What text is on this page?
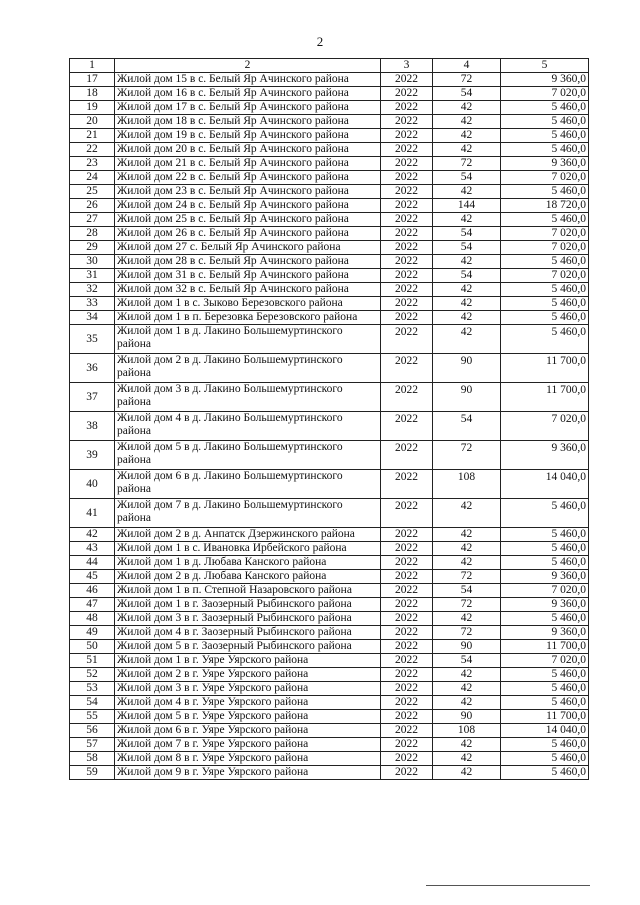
2
1	2	3	4	5
17	Жилой дом 15 в с. Белый Яр Ачинского района	2022	72	9 360,0
18	Жилой дом 16 в с. Белый Яр Ачинского района	2022	54	7 020,0
19	Жилой дом 17 в с. Белый Яр Ачинского района	2022	42	5 460,0
20	Жилой дом 18 в с. Белый Яр Ачинского района	2022	42	5 460,0
21	Жилой дом 19 в с. Белый Яр Ачинского района	2022	42	5 460,0
22	Жилой дом 20 в с. Белый Яр Ачинского района	2022	42	5 460,0
23	Жилой дом 21 в с. Белый Яр Ачинского района	2022	72	9 360,0
24	Жилой дом 22 в с. Белый Яр Ачинского района	2022	54	7 020,0
25	Жилой дом 23 в с. Белый Яр Ачинского района	2022	42	5 460,0
26	Жилой дом 24 в с. Белый Яр Ачинского района	2022	144	18 720,0
27	Жилой дом 25 в с. Белый Яр Ачинского района	2022	42	5 460,0
28	Жилой дом 26 в с. Белый Яр Ачинского района	2022	54	7 020,0
29	Жилой дом 27 с. Белый Яр Ачинского района	2022	54	7 020,0
30	Жилой дом 28 в с. Белый Яр Ачинского района	2022	42	5 460,0
31	Жилой дом 31 в с. Белый Яр Ачинского района	2022	54	7 020,0
32	Жилой дом 32 в с. Белый Яр Ачинского района	2022	42	5 460,0
33	Жилой дом 1 в с. Зыково Березовского района	2022	42	5 460,0
34	Жилой дом 1 в п. Березовка Березовского района	2022	42	5 460,0
35	Жилой дом 1 в д. Лакино Большемуртинского района	2022	42	5 460,0
36	Жилой дом 2 в д. Лакино Большемуртинского района	2022	90	11 700,0
37	Жилой дом 3 в д. Лакино Большемуртинского района	2022	90	11 700,0
38	Жилой дом 4 в д. Лакино Большемуртинского района	2022	54	7 020,0
39	Жилой дом 5 в д. Лакино Большемуртинского района	2022	72	9 360,0
40	Жилой дом 6 в д. Лакино Большемуртинского района	2022	108	14 040,0
41	Жилой дом 7 в д. Лакино Большемуртинского района	2022	42	5 460,0
42	Жилой дом 2 в д. Анпатск Дзержинского района	2022	42	5 460,0
43	Жилой дом 1 в с. Ивановка Ирбейского района	2022	42	5 460,0
44	Жилой дом 1 в д. Любава Канского района	2022	42	5 460,0
45	Жилой дом 2 в д. Любава Канского района	2022	72	9 360,0
46	Жилой дом 1 в п. Степной Назаровского района	2022	54	7 020,0
47	Жилой дом 1 в г. Заозерный Рыбинского района	2022	72	9 360,0
48	Жилой дом 3 в г. Заозерный Рыбинского района	2022	42	5 460,0
49	Жилой дом 4 в г. Заозерный Рыбинского района	2022	72	9 360,0
50	Жилой дом 5 в г. Заозерный Рыбинского района	2022	90	11 700,0
51	Жилой дом 1 в г. Уяре Уярского района	2022	54	7 020,0
52	Жилой дом 2 в г. Уяре Уярского района	2022	42	5 460,0
53	Жилой дом 3 в г. Уяре Уярского района	2022	42	5 460,0
54	Жилой дом 4 в г. Уяре Уярского района	2022	42	5 460,0
55	Жилой дом 5 в г. Уяре Уярского района	2022	90	11 700,0
56	Жилой дом 6 в г. Уяре Уярского района	2022	108	14 040,0
57	Жилой дом 7 в г. Уяре Уярского района	2022	42	5 460,0
58	Жилой дом 8 в г. Уяре Уярского района	2022	42	5 460,0
59	Жилой дом 9 в г. Уяре Уярского района	2022	42	5 460,0
